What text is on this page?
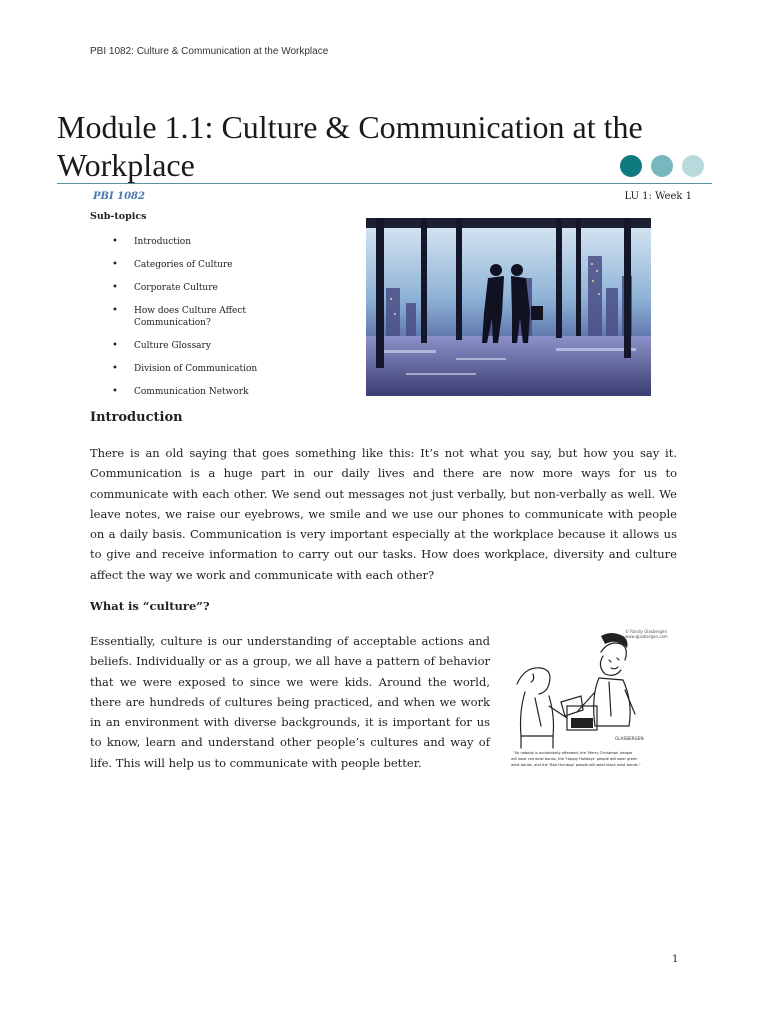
PBI 1082: Culture & Communication at the Workplace
Module 1.1: Culture & Communication at the Workplace
PBI 1082	LU 1: Week 1
Sub-topics
• Introduction
• Categories of Culture
• Corporate Culture
• How does Culture Affect Communication?
• Culture Glossary
• Division of Communication
• Communication Network
Introduction

There is an old saying that goes something like this: It’s not what you say, but how you say it. Communication is a huge part in our daily lives and there are now more ways for us to communicate with each other. We send out messages not just verbally, but non-verbally as well. We leave notes, we raise our eyebrows, we smile and we use our phones to communicate with people on a daily basis. Communication is very important especially at the workplace because it allows us to give and receive information to carry out our tasks. How does workplace, diversity and culture affect the way we work and communicate with each other?

What is “culture”?

Essentially, culture is our understanding of acceptable actions and beliefs. Individually or as a group, we all have a pattern of behavior that we were exposed to since we were kids. Around the world, there are hundreds of cultures being practiced, and when we work in an environment with diverse backgrounds, it is important for us to know, learn and understand other people’s cultures and way of life. This will help us to communicate with people better.

© Randy Glasbergen
www.glasbergen.com
GLASBERGEN
“So nobody is accidentally offended, the ‘Merry Christmas’ people
will wear red wrist bands, the ‘Happy Holidays’ people will wear green
wrist bands, and the ‘Bah Humbug’ people will wear black wrist bands.”
1
